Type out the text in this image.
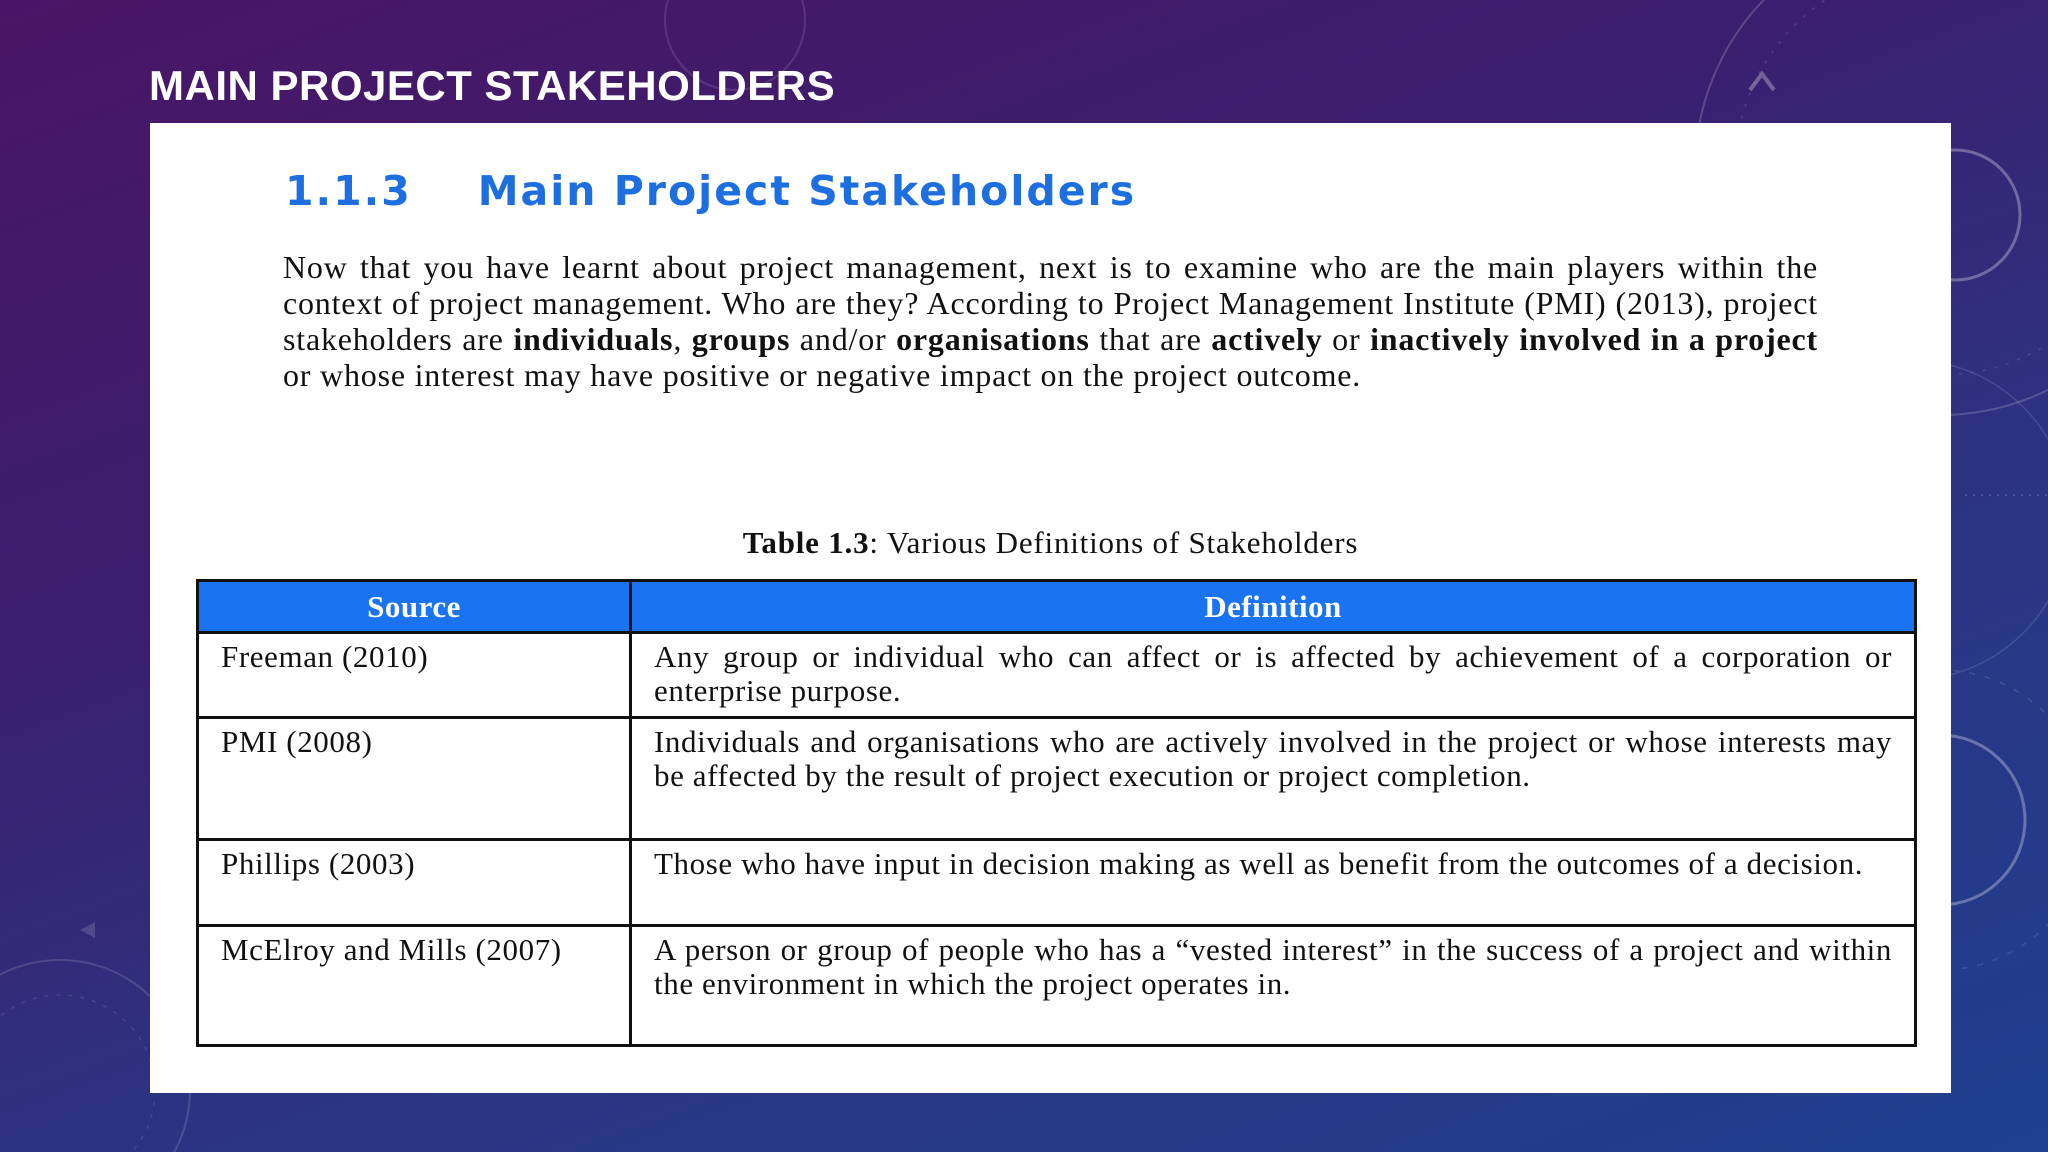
MAIN PROJECT STAKEHOLDERS
1.1.3 Main Project Stakeholders

Now that you have learnt about project management, next is to examine who are the main players within the context of project management. Who are they? According to Project Management Institute (PMI) (2013), project stakeholders are individuals, groups and/or organisations that are actively or inactively involved in a project or whose interest may have positive or negative impact on the project outcome.

Table 1.3: Various Definitions of Stakeholders
Source	Definition
Freeman (2010)	Any group or individual who can affect or is affected by achievement of a corporation or enterprise purpose.
PMI (2008)	Individuals and organisations who are actively involved in the project or whose interests may be affected by the result of project execution or project completion.
Phillips (2003)	Those who have input in decision making as well as benefit from the outcomes of a decision.
McElroy and Mills (2007)	A person or group of people who has a “vested interest” in the success of a project and within the environment in which the project operates in.
